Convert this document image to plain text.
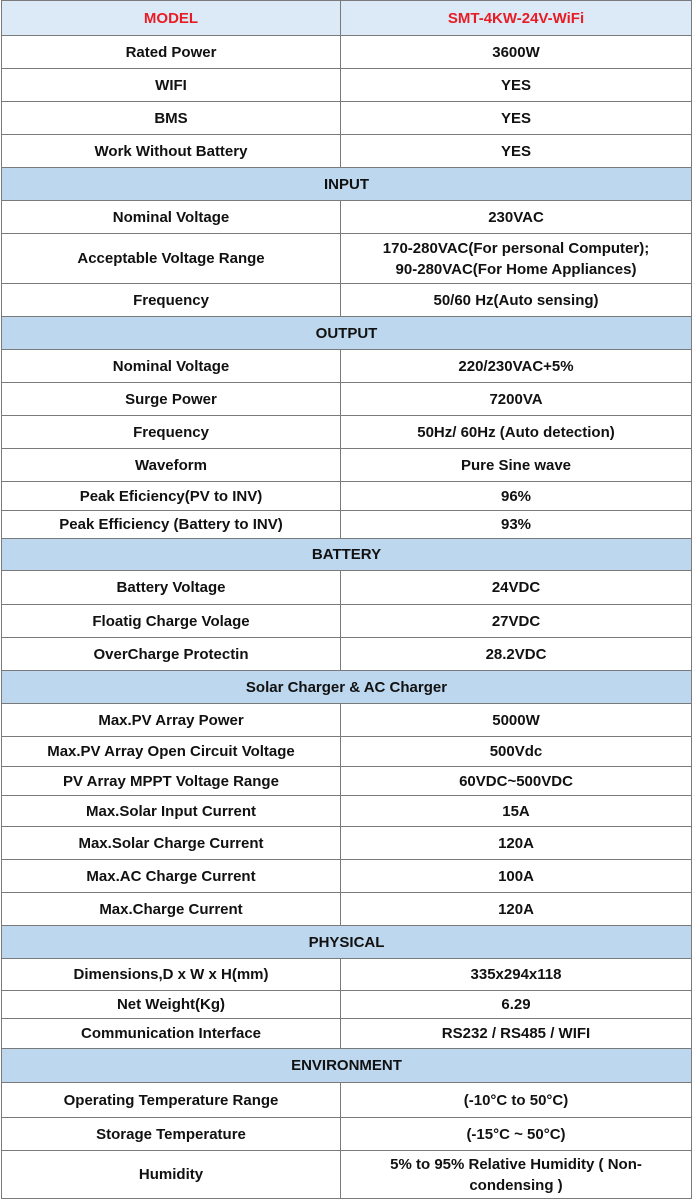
MODEL	SMT-4KW-24V-WiFi
Rated Power	3600W
WIFI	YES
BMS	YES
Work Without Battery	YES
INPUT	
Nominal Voltage	230VAC
Acceptable Voltage Range	170-280VAC(For personal Computer);
90-280VAC(For Home Appliances)

Frequency	50/60 Hz(Auto sensing)
OUTPUT	
Nominal Voltage	220/230VAC+5%
Surge Power	7200VA
Frequency	50Hz/ 60Hz (Auto detection)
Waveform	Pure Sine wave
Peak Eficiency(PV to INV)	96%
Peak Efficiency (Battery to INV)	93%
BATTERY	
Battery Voltage	24VDC
Floatig Charge Volage	27VDC
OverCharge Protectin	28.2VDC
Solar Charger & AC Charger	
Max.PV Array Power	5000W
Max.PV Array Open Circuit Voltage	500Vdc
PV Array MPPT Voltage Range	60VDC~500VDC
Max.Solar Input Current	15A
Max.Solar Charge Current	120A
Max.AC Charge Current	100A
Max.Charge Current	120A
PHYSICAL	
Dimensions,D x W x H(mm)	335x294x118
Net Weight(Kg)	6.29
Communication Interface	RS232 / RS485 / WIFI
ENVIRONMENT	
Operating Temperature Range	(-10°C to 50°C)
Storage Temperature	(-15°C ~ 50°C)
Humidity	5% to 95% Relative Humidity ( Non-
condensing )
